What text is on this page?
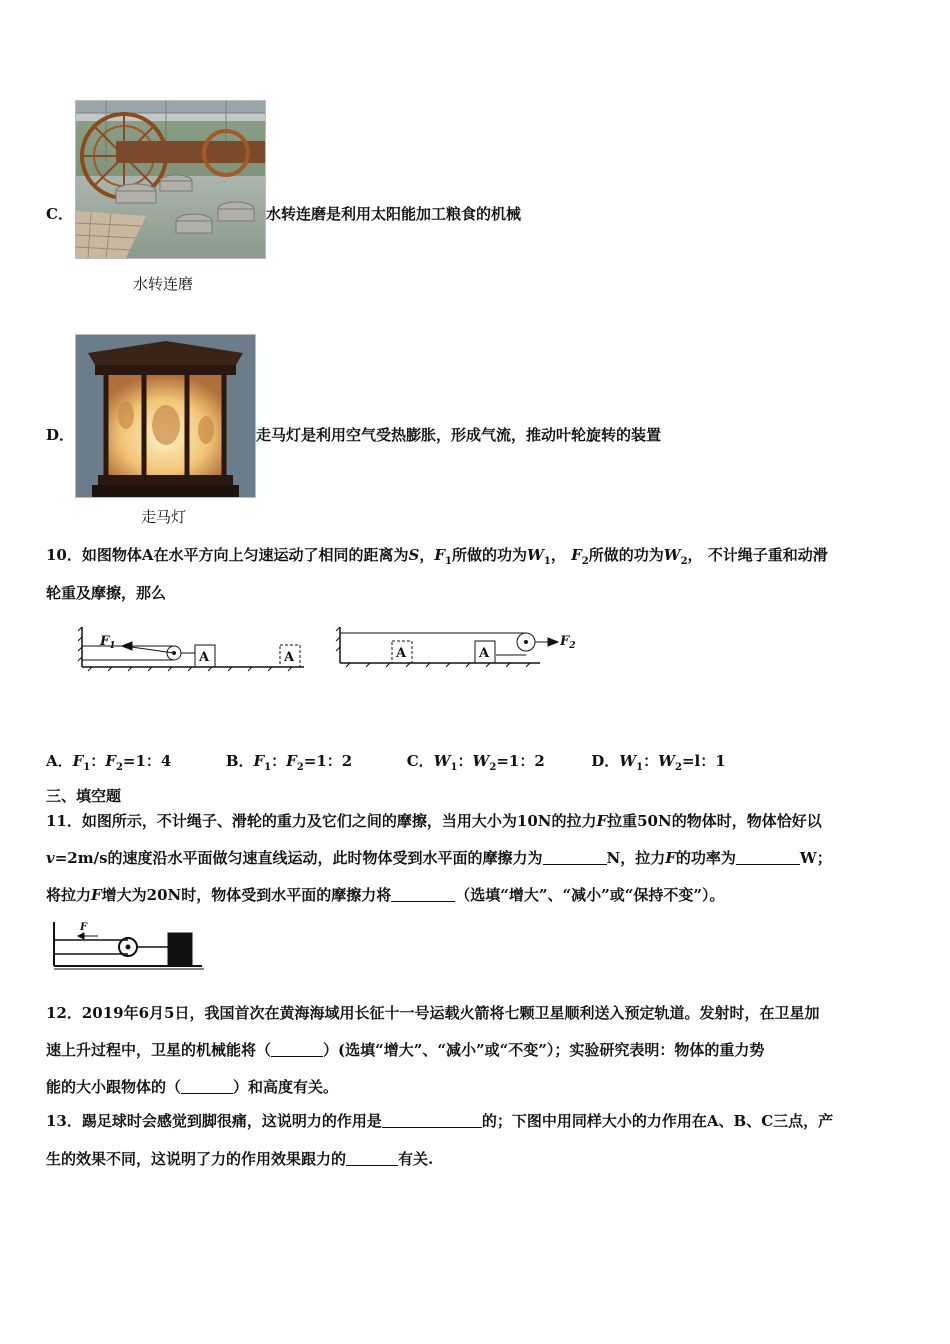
C．
水转连磨
水转连磨是利用太阳能加工粮食的机械
D．
走马灯
走马灯是利用空气受热膨胀，形成气流，推动叶轮旋转的装置
10．如图物体A在水平方向上匀速运动了相同的距离为S，$F_1$所做的功为$W_1$， $F_2$所做的功为$W_2$， 不计绳子重和动滑
轮重及摩擦，那么
$F_1$
A	A	A	A
$F_2$
A．$F_1$：$F_2=1$：4	B．$F_1$：$F_2=1$：2	C．$W_1$：$W_2=1$：2	D．$W_1$：$W_2=l$：1
三、填空题
11．如图所示，不计绳子、滑轮的重力及它们之间的摩擦，当用大小为10N的拉力F拉重50N的物体时，物体恰好以
v=2m/s的速度沿水平面做匀速直线运动，此时物体受到水平面的摩擦力为	N，拉力F的功率为	W；
将拉力F增大为20N时，物体受到水平面的摩擦力将	（选填“增大”、“减小”或“保持不变”）。
F
12．2019年6月5日，我国首次在黄海海域用长征十一号运载火箭将七颗卫星顺利送入预定轨道。发射时，在卫星加
速上升过程中，卫星的机械能将（	）(选填“增大”、“减小”或“不变”）；实验研究表明：物体的重力势
能的大小跟物体的（	）和高度有关。
13．踢足球时会感觉到脚很痛，这说明力的作用是	的；下图中用同样大小的力作用在A、B、C三点，产
生的效果不同，这说明了力的作用效果跟力的	有关.
